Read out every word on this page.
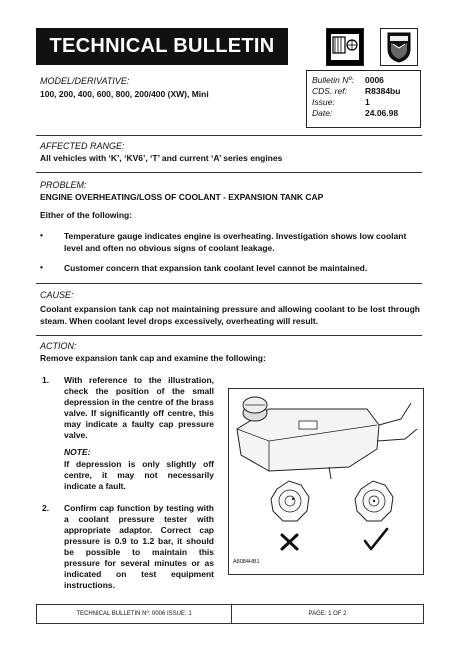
TECHNICAL BULLETIN
MODEL/DERIVATIVE:
100, 200, 400, 600, 800, 200/400 (XW), Mini
Bulletin Nº:	0006
CDS. ref:	R8384bu
Issue:	1
Date:	24.06.98
AFFECTED RANGE:
All vehicles with ‘K’, ‘KV6’, ‘T’ and current ‘A’ series engines
PROBLEM:
ENGINE OVERHEATING/LOSS OF COOLANT - EXPANSION TANK CAP
Either of the following:
•	Temperature gauge indicates engine is overheating. Investigation shows low coolant level and often no obvious signs of coolant leakage.
•	Customer concern that expansion tank coolant level cannot be maintained.
CAUSE:
Coolant expansion tank cap not maintaining pressure and allowing coolant to be lost through steam. When coolant level drops excessively, overheating will result.
ACTION:
Remove expansion tank cap and examine the following:
1. With reference to the illustration, check the position of the small depression in the centre of the brass valve. If significantly off centre, this may indicate a faulty cap pressure valve.
NOTE:
If depression is only slightly off centre, it may not necessarily indicate a fault.
2. Confirm cap function by testing with a coolant pressure tester with appropriate adaptor. Correct cap pressure is 0.9 to 1.2 bar, it should be possible to maintain this pressure for several minutes or as indicated on test equipment instructions.
A8084HB1
TECHNICAL BULLETIN Nº: 0006 ISSUE: 1	PAGE: 1 OF 2
